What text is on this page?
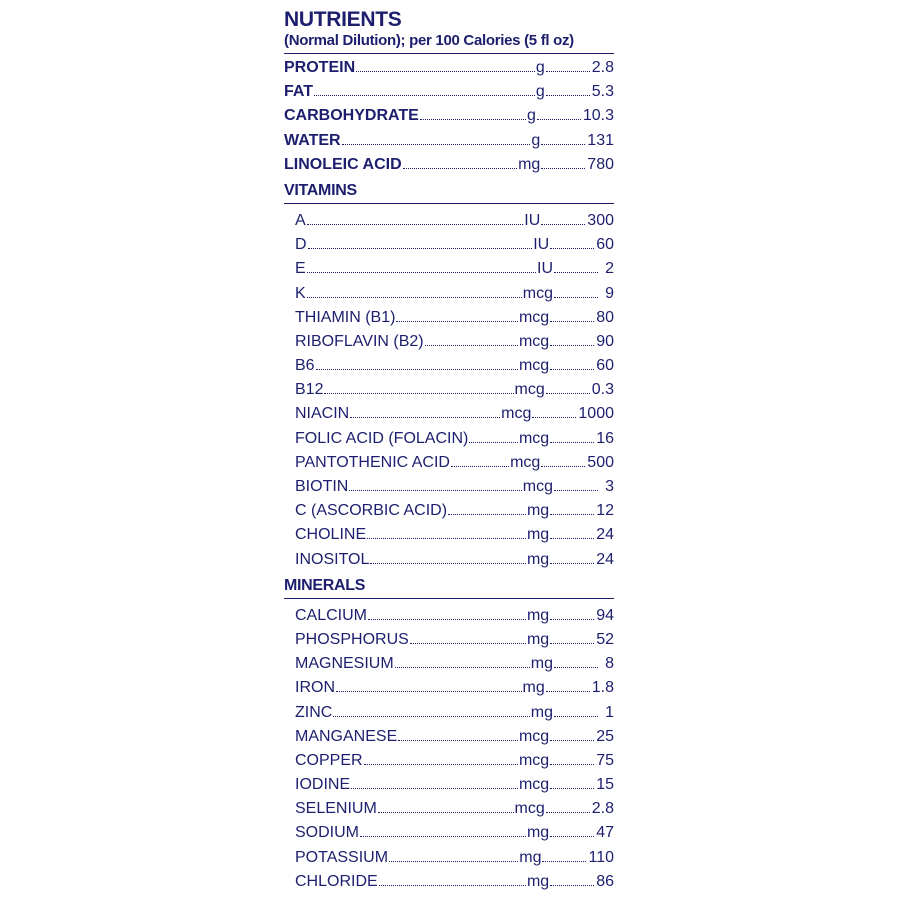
NUTRIENTS
(Normal Dilution); per 100 Calories (5 fl oz)
PROTEIN	g	2.8
FAT	g	5.3
CARBOHYDRATE	g	10.3
WATER	g	131
LINOLEIC ACID	mg	780
VITAMINS
A	IU	300
D	IU	60
E	IU	2
K	mcg	9
THIAMIN (B1)	mcg	80
RIBOFLAVIN (B2)	mcg	90
B6	mcg	60
B12	mcg	0.3
NIACIN	mcg	1000
FOLIC ACID (FOLACIN)	mcg	16
PANTOTHENIC ACID	mcg	500
BIOTIN	mcg	3
C (ASCORBIC ACID)	mg	12
CHOLINE	mg	24
INOSITOL	mg	24
MINERALS
CALCIUM	mg	94
PHOSPHORUS	mg	52
MAGNESIUM	mg	8
IRON	mg	1.8
ZINC	mg	1
MANGANESE	mcg	25
COPPER	mcg	75
IODINE	mcg	15
SELENIUM	mcg	2.8
SODIUM	mg	47
POTASSIUM	mg	110
CHLORIDE	mg	86
